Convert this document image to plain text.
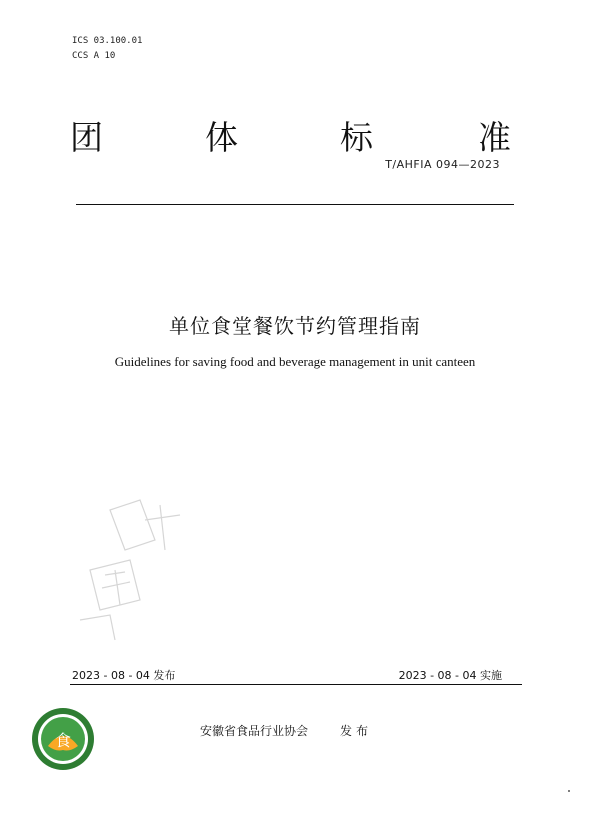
ICS 03.100.01
CCS A 10
团	体	标	准
T/AHFIA 094—2023
单位食堂餐饮节约管理指南
Guidelines for saving food and beverage management in unit canteen
2023 - 08 - 04 发布	2023 - 08 - 04 实施
食	安徽省食品行业协会	发布
